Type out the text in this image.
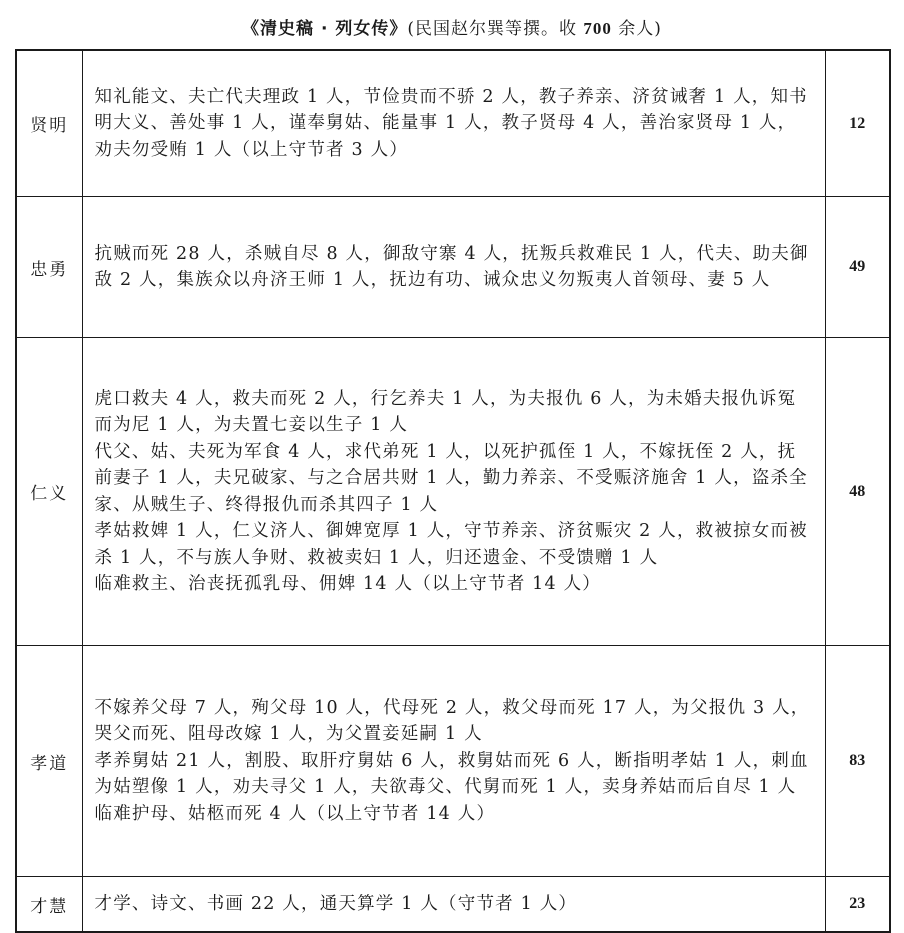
《清史稿 · 列女传》(民国赵尔巽等撰。收 700 余人)
贤明	知礼能文、夫亡代夫理政 1 人，节俭贵而不骄 2 人，教子养亲、济贫诫奢 1 人，知书明大义、善处事 1 人，谨奉舅姑、能量事 1 人，教子贤母 4 人，善治家贤母 1 人，劝夫勿受贿 1 人（以上守节者 3 人）	12
忠勇	抗贼而死 28 人，杀贼自尽 8 人，御敌守寨 4 人，抚叛兵救难民 1 人，代夫、助夫御敌 2 人，集族众以舟济王师 1 人，抚边有功、诫众忠义勿叛夷人首领母、妻 5 人	49
仁义	虎口救夫 4 人，救夫而死 2 人，行乞养夫 1 人，为夫报仇 6 人，为未婚夫报仇诉冤而为尼 1 人，为夫置七妾以生子 1 人
代父、姑、夫死为军食 4 人，求代弟死 1 人，以死护孤侄 1 人，不嫁抚侄 2 人，抚前妻子 1 人，夫兄破家、与之合居共财 1 人，勤力养亲、不受赈济施舍 1 人，盗杀全家、从贼生子、终得报仇而杀其四子 1 人
孝姑救婢 1 人，仁义济人、御婢宽厚 1 人，守节养亲、济贫赈灾 2 人，救被掠女而被杀 1 人，不与族人争财、救被卖妇 1 人，归还遗金、不受馈赠 1 人
临难救主、治丧抚孤乳母、佣婢 14 人（以上守节者 14 人）	48
孝道	不嫁养父母 7 人，殉父母 10 人，代母死 2 人，救父母而死 17 人，为父报仇 3 人，哭父而死、阻母改嫁 1 人，为父置妾延嗣 1 人
孝养舅姑 21 人，割股、取肝疗舅姑 6 人，救舅姑而死 6 人，断指明孝姑 1 人，刺血为姑塑像 1 人，劝夫寻父 1 人，夫欲毒父、代舅而死 1 人，卖身养姑而后自尽 1 人
临难护母、姑柩而死 4 人（以上守节者 14 人）	83
才慧	才学、诗文、书画 22 人，通天算学 1 人（守节者 1 人）	23
